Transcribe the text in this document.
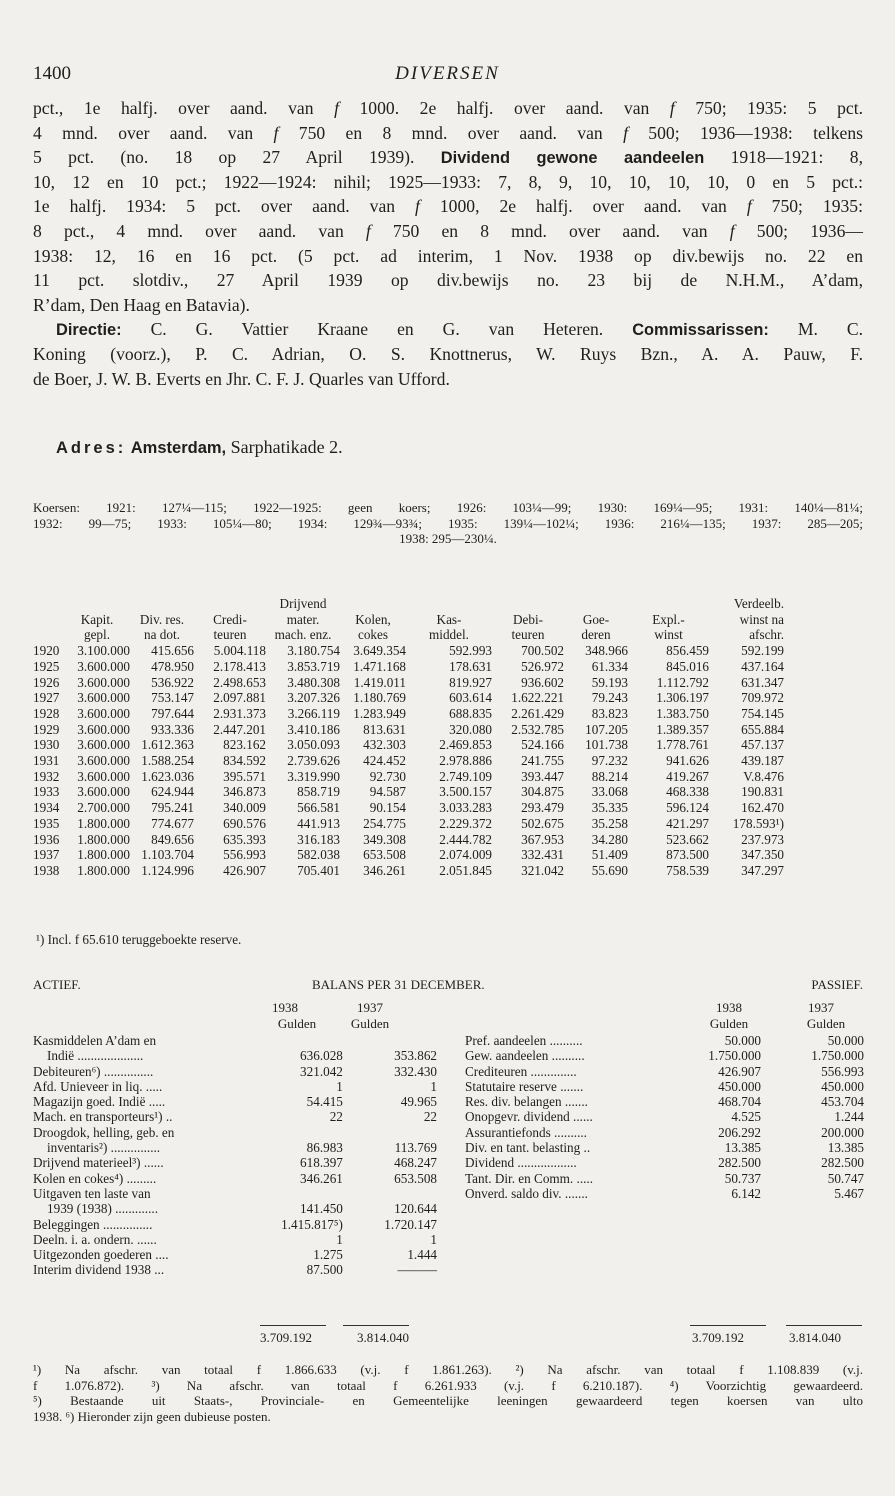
1400	DIVERSEN
pct., 1e halfj. over aand. van f 1000. 2e halfj. over aand. van f 750; 1935: 5 pct.
4 mnd. over aand. van f 750 en 8 mnd. over aand. van f 500; 1936—1938: telkens
5 pct. (no. 18 op 27 April 1939). Dividend gewone aandeelen 1918—1921: 8,
10, 12 en 10 pct.; 1922—1924: nihil; 1925—1933: 7, 8, 9, 10, 10, 10, 10, 0 en 5 pct.:
1e halfj. 1934: 5 pct. over aand. van f 1000, 2e halfj. over aand. van f 750; 1935:
8 pct., 4 mnd. over aand. van f 750 en 8 mnd. over aand. van f 500; 1936—
1938: 12, 16 en 16 pct. (5 pct. ad interim, 1 Nov. 1938 op div.bewijs no. 22 en
11 pct. slotdiv., 27 April 1939 op div.bewijs no. 23 bij de N.H.M., A’dam,
R’dam, Den Haag en Batavia).
Directie: C. G. Vattier Kraane en G. van Heteren. Commissarissen: M. C.
Koning (voorz.), P. C. Adrian, O. S. Knottnerus, W. Ruys Bzn., A. A. Pauw, F.
de Boer, J. W. B. Everts en Jhr. C. F. J. Quarles van Ufford.
Adres: Amsterdam, Sarphatikade 2.
Koersen: 1921: 127¼—115; 1922—1925: geen koers; 1926: 103¼—99; 1930: 169¼—95; 1931: 140¼—81¼;
1932: 99—75; 1933: 105¼—80; 1934: 129¾—93¾; 1935: 139¼—102¼; 1936: 216¼—135; 1937: 285—205;
1938: 295—230¼.
				Drijvend						Verdeelb.
	Kapit.	Div. res.	Credi-	mater.	Kolen,	Kas-	Debi-	Goe-	Expl.-	winst na
	gepl.	na dot.	teuren	mach. enz.	cokes	middel.	teuren	deren	winst	afschr.
1920	3.100.000	415.656	5.004.118	3.180.754	3.649.354	592.993	700.502	348.966	856.459	592.199
1925	3.600.000	478.950	2.178.413	3.853.719	1.471.168	178.631	526.972	61.334	845.016	437.164
1926	3.600.000	536.922	2.498.653	3.480.308	1.419.011	819.927	936.602	59.193	1.112.792	631.347
1927	3.600.000	753.147	2.097.881	3.207.326	1.180.769	603.614	1.622.221	79.243	1.306.197	709.972
1928	3.600.000	797.644	2.931.373	3.266.119	1.283.949	688.835	2.261.429	83.823	1.383.750	754.145
1929	3.600.000	933.336	2.447.201	3.410.186	813.631	320.080	2.532.785	107.205	1.389.357	655.884
1930	3.600.000	1.612.363	823.162	3.050.093	432.303	2.469.853	524.166	101.738	1.778.761	457.137
1931	3.600.000	1.588.254	834.592	2.739.626	424.452	2.978.886	241.755	97.232	941.626	439.187
1932	3.600.000	1.623.036	395.571	3.319.990	92.730	2.749.109	393.447	88.214	419.267	V.8.476
1933	3.600.000	624.944	346.873	858.719	94.587	3.500.157	304.875	33.068	468.338	190.831
1934	2.700.000	795.241	340.009	566.581	90.154	3.033.283	293.479	35.335	596.124	162.470
1935	1.800.000	774.677	690.576	441.913	254.775	2.229.372	502.675	35.258	421.297	178.593¹)
1936	1.800.000	849.656	635.393	316.183	349.308	2.444.782	367.953	34.280	523.662	237.973
1937	1.800.000	1.103.704	556.993	582.038	653.508	2.074.009	332.431	51.409	873.500	347.350
1938	1.800.000	1.124.996	426.907	705.401	346.261	2.051.845	321.042	55.690	758.539	347.297
¹) Incl. f 65.610 teruggeboekte reserve.
ACTIEF.	BALANS PER 31 DECEMBER.	PASSIEF.
1938	1937
Gulden	Gulden
1938	1937
Gulden	Gulden
Kasmiddelen A’dam en		
Indië ....................	636.028	353.862
Debiteuren⁶) ...............	321.042	332.430
Afd. Unieveer in liq. .....	1	1
Magazijn goed. Indië .....	54.415	49.965
Mach. en transporteurs¹) ..	22	22
Droogdok, helling, geb. en		
inventaris²) ...............	86.983	113.769
Drijvend materieel³) ......	618.397	468.247
Kolen en cokes⁴) .........	346.261	653.508
Uitgaven ten laste van		
1939 (1938) .............	141.450	120.644
Beleggingen ...............	1.415.817⁵)	1.720.147
Deeln. i. a. ondern. ......	1	1
Uitgezonden goederen ....	1.275	1.444
Interim dividend 1938 ...	87.500	———
Pref. aandeelen ..........	50.000	50.000
Gew. aandeelen ..........	1.750.000	1.750.000
Crediteuren ..............	426.907	556.993
Statutaire reserve .......	450.000	450.000
Res. div. belangen .......	468.704	453.704
Onopgevr. dividend ......	4.525	1.244
Assurantiefonds ..........	206.292	200.000
Div. en tant. belasting ..	13.385	13.385
Dividend ..................	282.500	282.500
Tant. Dir. en Comm. .....	50.737	50.747
Onverd. saldo div. .......	6.142	5.467
3.709.192	3.814.040	3.709.192	3.814.040
¹) Na afschr. van totaal f 1.866.633 (v.j. f 1.861.263). ²) Na afschr. van totaal f 1.108.839 (v.j.
f 1.076.872). ³) Na afschr. van totaal f 6.261.933 (v.j. f 6.210.187). ⁴) Voorzichtig gewaardeerd.
⁵) Bestaande uit Staats-, Provinciale- en Gemeentelijke leeningen gewaardeerd tegen koersen van ulto
1938. ⁶) Hieronder zijn geen dubieuse posten.
